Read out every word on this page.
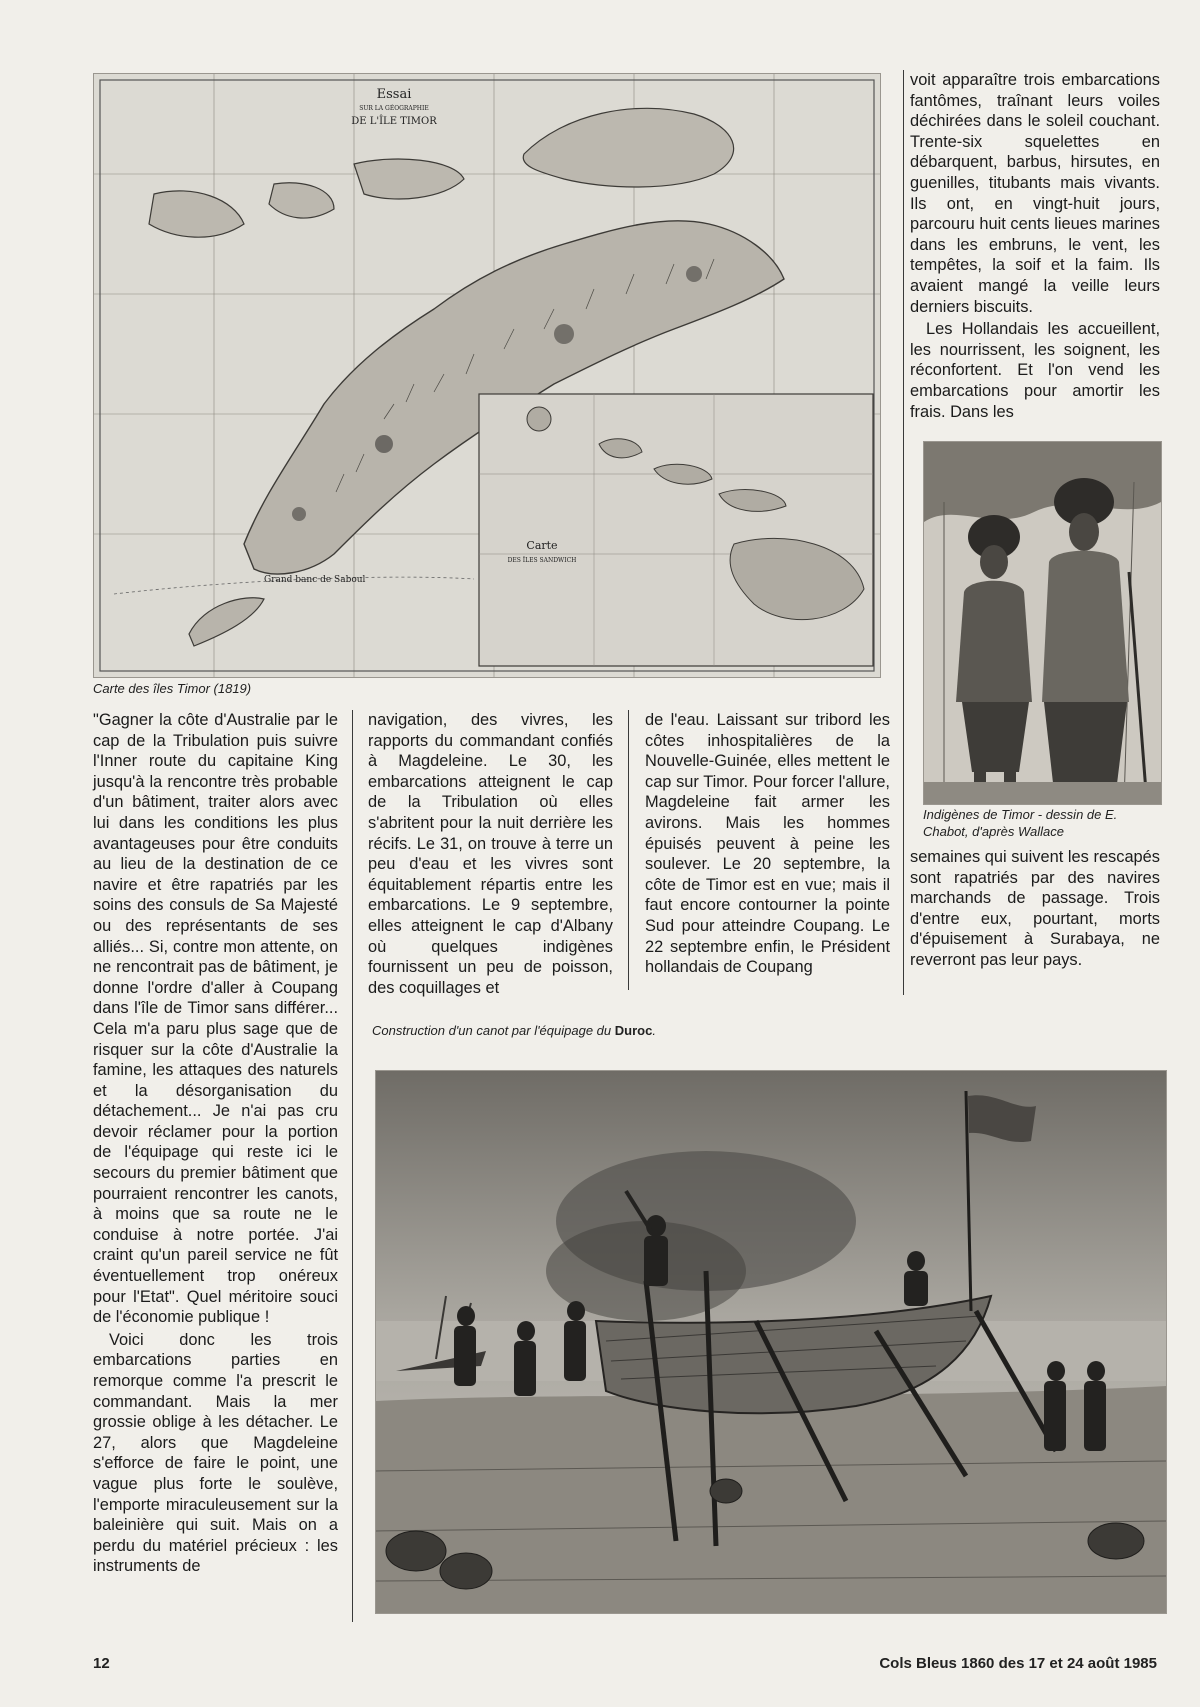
Essai
SUR LA GÉOGRAPHIE
DE L'ÎLE TIMOR
Grand banc de Saboul
Carte
DES ÎLES SANDWICH
Carte des îles Timor (1819)

voit apparaître trois embarcations fantômes, traînant leurs voiles déchirées dans le soleil couchant. Trente-six squelettes en débarquent, barbus, hirsutes, en guenilles, titubants mais vivants. Ils ont, en vingt-huit jours, parcouru huit cents lieues marines dans les embruns, le vent, les tempêtes, la soif et la faim. Ils avaient mangé la veille leurs derniers biscuits.

Les Hollandais les accueillent, les nourrissent, les soignent, les réconfortent. Et l'on vend les embarcations pour amortir les frais. Dans les

Indigènes de Timor - dessin de E. Chabot, d'après Wallace

semaines qui suivent les rescapés sont rapatriés par des navires marchands de passage. Trois d'entre eux, pourtant, morts d'épuisement à Surabaya, ne reverront pas leur pays.

"Gagner la côte d'Australie par le cap de la Tribulation puis suivre l'Inner route du capitaine King jusqu'à la rencontre très probable d'un bâtiment, traiter alors avec lui dans les conditions les plus avantageuses pour être conduits au lieu de la destination de ce navire et être rapatriés par les soins des consuls de Sa Majesté ou des représentants de ses alliés... Si, contre mon attente, on ne rencontrait pas de bâtiment, je donne l'ordre d'aller à Coupang dans l'île de Timor sans différer... Cela m'a paru plus sage que de risquer sur la côte d'Australie la famine, les attaques des naturels et la désorganisation du détachement... Je n'ai pas cru devoir réclamer pour la portion de l'équipage qui reste ici le secours du premier bâtiment que pourraient rencontrer les canots, à moins que sa route ne le conduise à notre portée. J'ai craint qu'un pareil service ne fût éventuellement trop onéreux pour l'Etat". Quel méritoire souci de l'économie publique !

Voici donc les trois embarcations parties en remorque comme l'a prescrit le commandant. Mais la mer grossie oblige à les détacher. Le 27, alors que Magdeleine s'efforce de faire le point, une vague plus forte le soulève, l'emporte miraculeusement sur la baleinière qui suit. Mais on a perdu du matériel précieux : les instruments de

navigation, des vivres, les rapports du commandant confiés à Magdeleine. Le 30, les embarcations atteignent le cap de la Tribulation où elles s'abritent pour la nuit derrière les récifs. Le 31, on trouve à terre un peu d'eau et les vivres sont équitablement répartis entre les embarcations. Le 9 septembre, elles atteignent le cap d'Albany où quelques indigènes fournissent un peu de poisson, des coquillages et

de l'eau. Laissant sur tribord les côtes inhospitalières de la Nouvelle-Guinée, elles mettent le cap sur Timor. Pour forcer l'allure, Magdeleine fait armer les avirons. Mais les hommes épuisés peuvent à peine les soulever. Le 20 septembre, la côte de Timor est en vue; mais il faut encore contourner la pointe Sud pour atteindre Coupang. Le 22 septembre enfin, le Président hollandais de Coupang

Construction d'un canot par l'équipage du Duroc.
12	Cols Bleus 1860 des 17 et 24 août 1985
